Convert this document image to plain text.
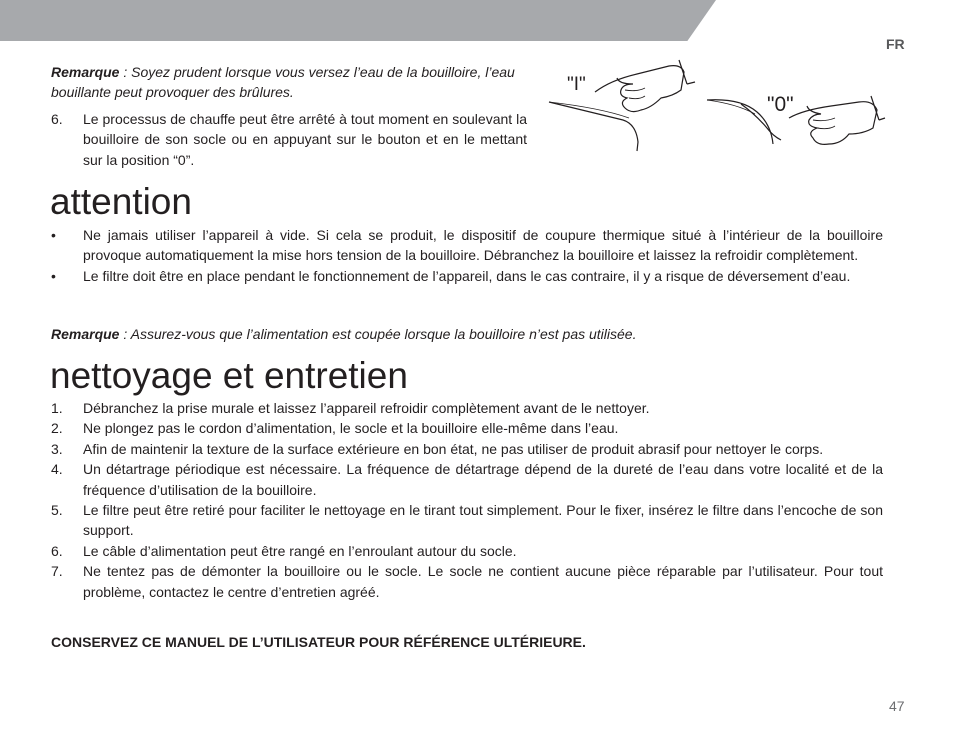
FR
Remarque : Soyez prudent lorsque vous versez l’eau de la bouilloire, l’eau bouillante peut provoquer des brûlures.
6.	Le processus de chauffe peut être arrêté à tout moment en soulevant la bouilloire de son socle ou en appuyant sur le bouton et en le mettant sur la position “0”.
"I"
"0"
attention
•	Ne jamais utiliser l’appareil à vide. Si cela se produit, le dispositif de coupure thermique situé à l’intérieur de la bouilloire provoque automatiquement la mise hors tension de la bouilloire. Débranchez la bouilloire et laissez la refroidir complètement.
•	Le filtre doit être en place pendant le fonctionnement de l’appareil, dans le cas contraire, il y a risque de déversement d’eau.
Remarque : Assurez-vous que l’alimentation est coupée lorsque la bouilloire n’est pas utilisée.
nettoyage et entretien
1.	Débranchez la prise murale et laissez l’appareil refroidir complètement avant de le nettoyer.
2.	Ne plongez pas le cordon d’alimentation, le socle et la bouilloire elle-même dans l’eau.
3.	Afin de maintenir la texture de la surface extérieure en bon état, ne pas utiliser de produit abrasif pour nettoyer le corps.
4.	Un détartrage périodique est nécessaire. La fréquence de détartrage dépend de la dureté de l’eau dans votre localité et de la fréquence d’utilisation de la bouilloire.
5.	Le filtre peut être retiré pour faciliter le nettoyage en le tirant tout simplement. Pour le fixer, insérez le filtre dans l’encoche de son support.
6.	Le câble d’alimentation peut être rangé en l’enroulant autour du socle.
7.	Ne tentez pas de démonter la bouilloire ou le socle. Le socle ne contient aucune pièce réparable par l’utilisateur. Pour tout problème, contactez le centre d’entretien agréé.
CONSERVEZ CE MANUEL DE L’UTILISATEUR POUR RÉFÉRENCE ULTÉRIEURE.
47
